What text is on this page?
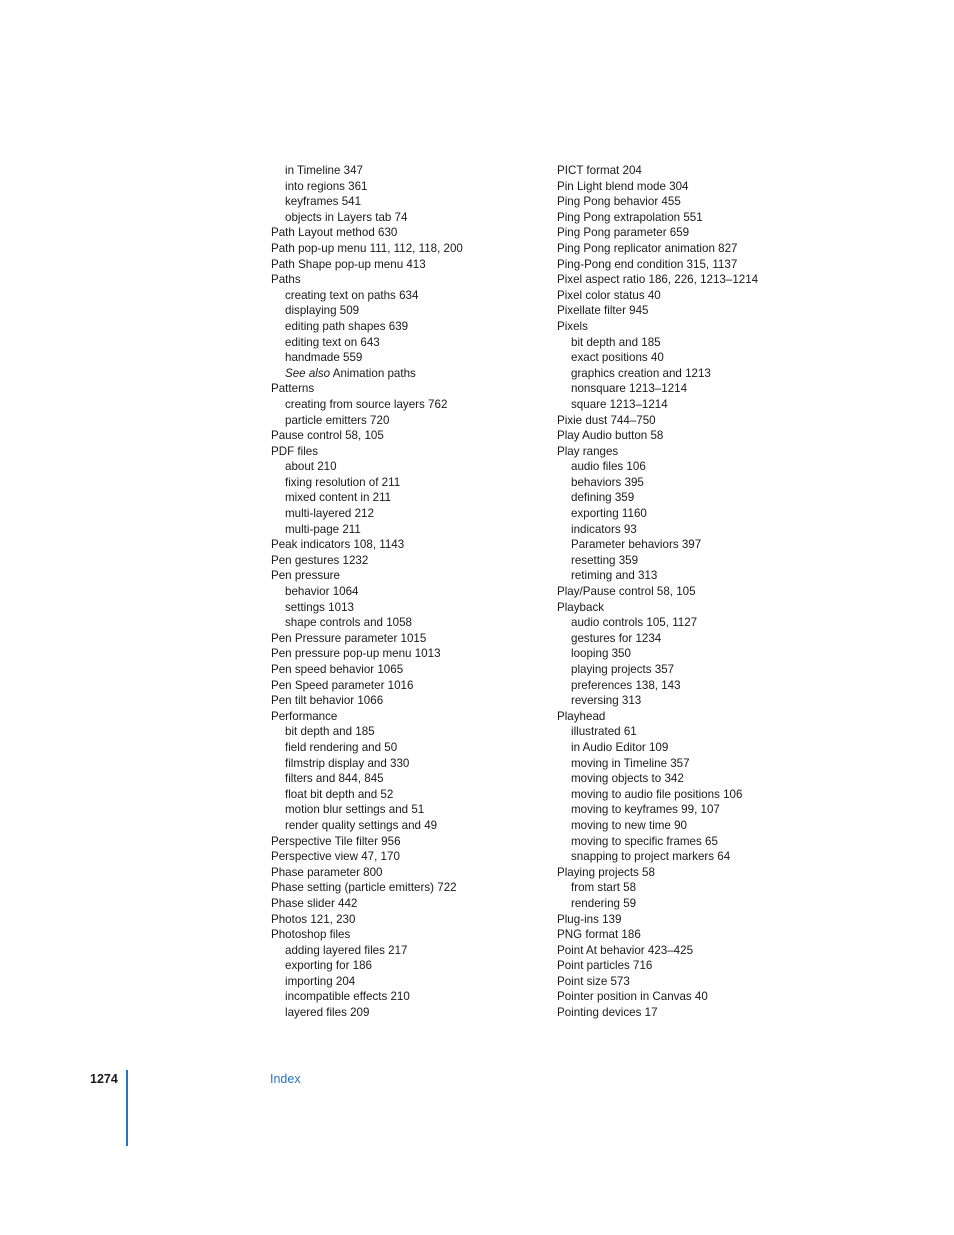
in Timeline 347
into regions 361
keyframes 541
objects in Layers tab 74
Path Layout method 630
Path pop-up menu 111, 112, 118, 200
Path Shape pop-up menu 413
Paths
creating text on paths 634
displaying 509
editing path shapes 639
editing text on 643
handmade 559
See also Animation paths
Patterns
creating from source layers 762
particle emitters 720
Pause control 58, 105
PDF files
about 210
fixing resolution of 211
mixed content in 211
multi-layered 212
multi-page 211
Peak indicators 108, 1143
Pen gestures 1232
Pen pressure
behavior 1064
settings 1013
shape controls and 1058
Pen Pressure parameter 1015
Pen pressure pop-up menu 1013
Pen speed behavior 1065
Pen Speed parameter 1016
Pen tilt behavior 1066
Performance
bit depth and 185
field rendering and 50
filmstrip display and 330
filters and 844, 845
float bit depth and 52
motion blur settings and 51
render quality settings and 49
Perspective Tile filter 956
Perspective view 47, 170
Phase parameter 800
Phase setting (particle emitters) 722
Phase slider 442
Photos 121, 230
Photoshop files
adding layered files 217
exporting for 186
importing 204
incompatible effects 210
layered files 209
PICT format 204
Pin Light blend mode 304
Ping Pong behavior 455
Ping Pong extrapolation 551
Ping Pong parameter 659
Ping Pong replicator animation 827
Ping-Pong end condition 315, 1137
Pixel aspect ratio 186, 226, 1213–1214
Pixel color status 40
Pixellate filter 945
Pixels
bit depth and 185
exact positions 40
graphics creation and 1213
nonsquare 1213–1214
square 1213–1214
Pixie dust 744–750
Play Audio button 58
Play ranges
audio files 106
behaviors 395
defining 359
exporting 1160
indicators 93
Parameter behaviors 397
resetting 359
retiming and 313
Play/Pause control 58, 105
Playback
audio controls 105, 1127
gestures for 1234
looping 350
playing projects 357
preferences 138, 143
reversing 313
Playhead
illustrated 61
in Audio Editor 109
moving in Timeline 357
moving objects to 342
moving to audio file positions 106
moving to keyframes 99, 107
moving to new time 90
moving to specific frames 65
snapping to project markers 64
Playing projects 58
from start 58
rendering 59
Plug-ins 139
PNG format 186
Point At behavior 423–425
Point particles 716
Point size 573
Pointer position in Canvas 40
Pointing devices 17
1274	Index
